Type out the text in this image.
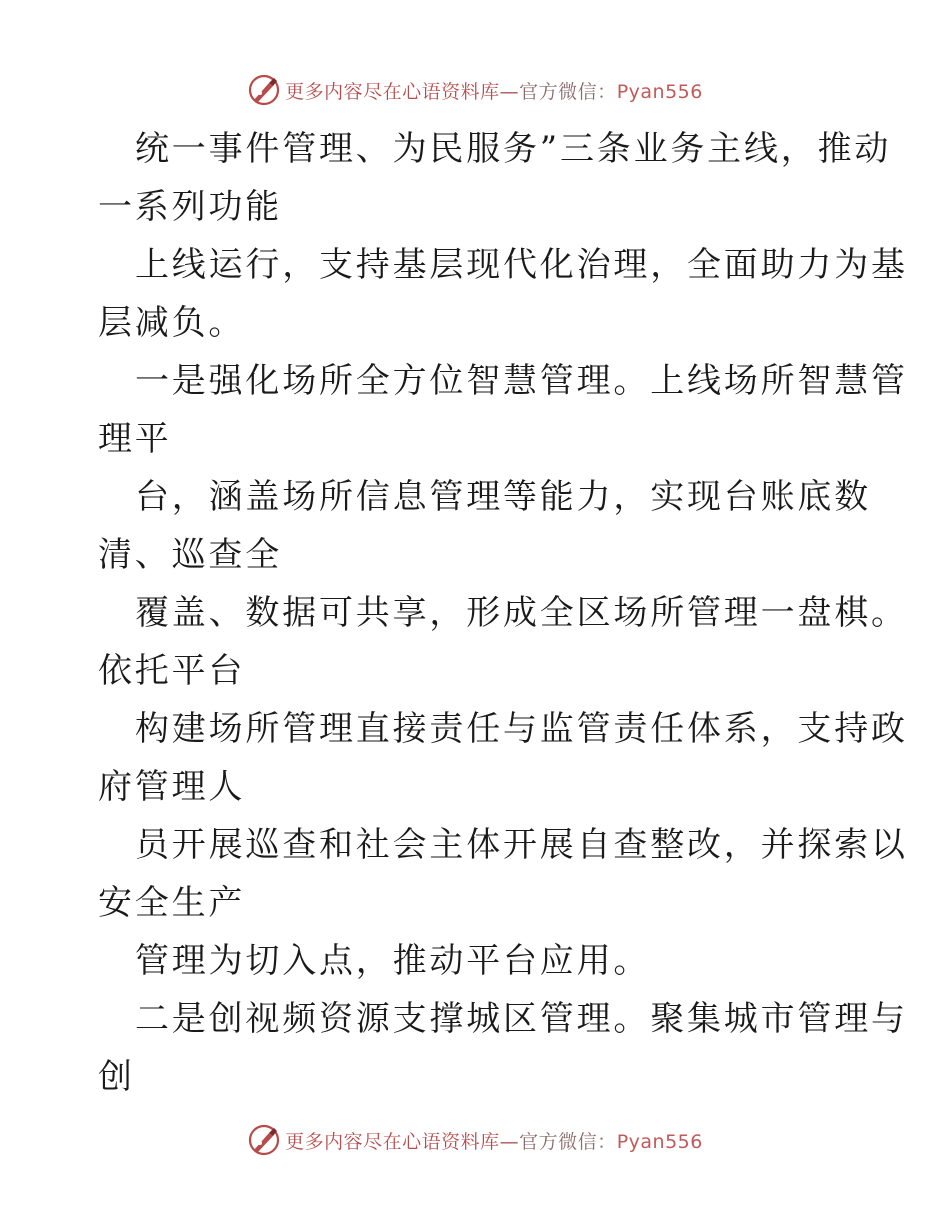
更多内容尽在心语资料库—官方微信：Pyan556
统一事件管理、为民服务”三条业务主线，推动
一系列功能
上线运行，支持基层现代化治理，全面助力为基
层减负。
一是强化场所全方位智慧管理。上线场所智慧管
理平
台，涵盖场所信息管理等能力，实现台账底数
清、巡查全
覆盖、数据可共享，形成全区场所管理一盘棋。
依托平台
构建场所管理直接责任与监管责任体系，支持政
府管理人
员开展巡查和社会主体开展自查整改，并探索以
安全生产
管理为切入点，推动平台应用。
二是创视频资源支撑城区管理。聚集城市管理与
创
更多内容尽在心语资料库—官方微信：Pyan556
